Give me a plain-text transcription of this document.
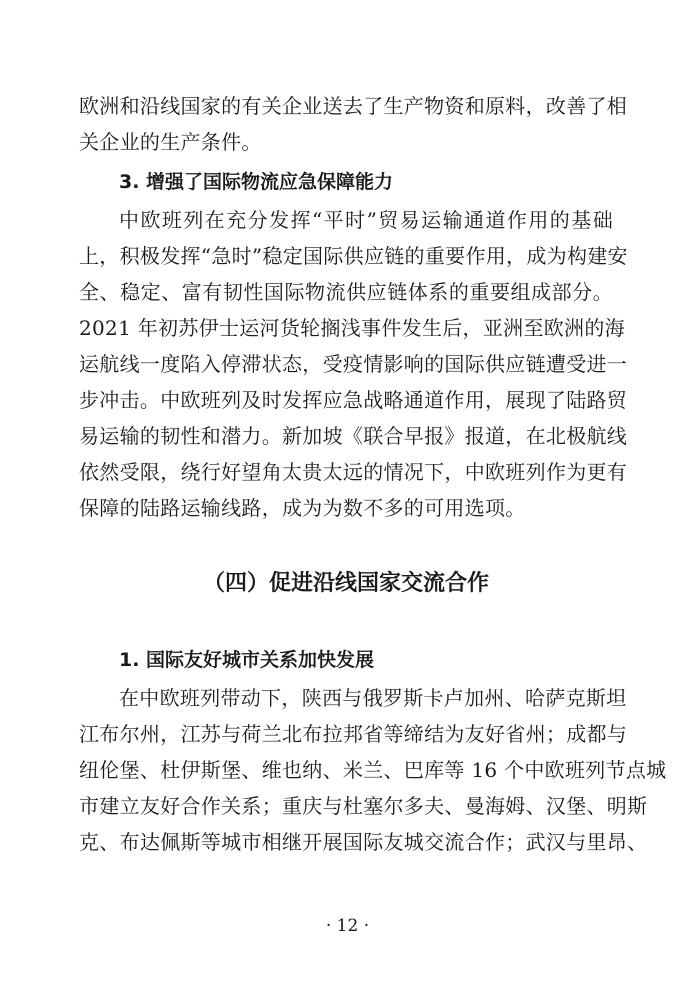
欧洲和沿线国家的有关企业送去了生产物资和原料，改善了相
关企业的生产条件。
3. 增强了国际物流应急保障能力
中欧班列在充分发挥“平时”贸易运输通道作用的基础
上，积极发挥“急时”稳定国际供应链的重要作用，成为构建安
全、稳定、富有韧性国际物流供应链体系的重要组成部分。
2021 年初苏伊士运河货轮搁浅事件发生后，亚洲至欧洲的海
运航线一度陷入停滞状态，受疫情影响的国际供应链遭受进一
步冲击。中欧班列及时发挥应急战略通道作用，展现了陆路贸
易运输的韧性和潜力。新加坡《联合早报》报道，在北极航线
依然受限，绕行好望角太贵太远的情况下，中欧班列作为更有
保障的陆路运输线路，成为为数不多的可用选项。
（四）促进沿线国家交流合作
1. 国际友好城市关系加快发展
在中欧班列带动下，陕西与俄罗斯卡卢加州、哈萨克斯坦
江布尔州，江苏与荷兰北布拉邦省等缔结为友好省州；成都与
纽伦堡、杜伊斯堡、维也纳、米兰、巴库等 16 个中欧班列节点城
市建立友好合作关系；重庆与杜塞尔多夫、曼海姆、汉堡、明斯
克、布达佩斯等城市相继开展国际友城交流合作；武汉与里昂、
· 12 ·
